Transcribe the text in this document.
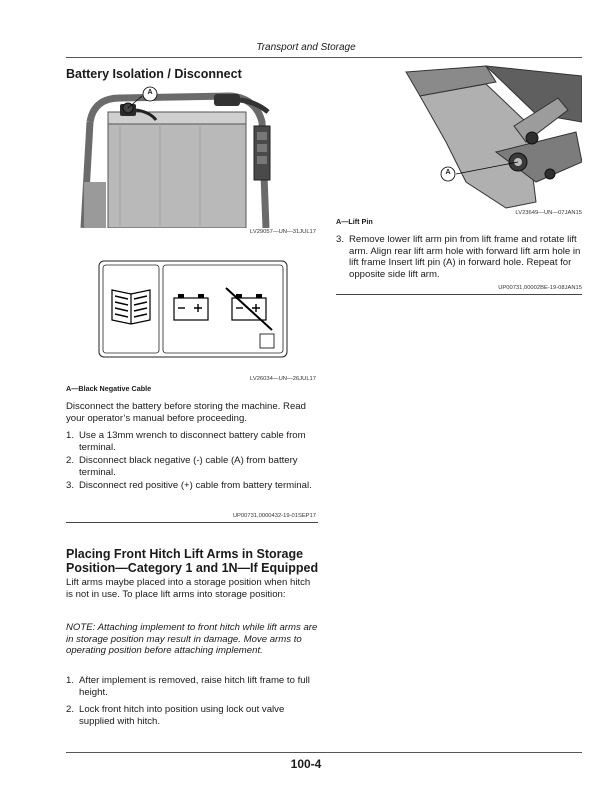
Transport and Storage
Battery Isolation / Disconnect
A
LV29057—UN—31JUL17
LV26034—UN—26JUL17
A—Black Negative Cable
Disconnect the battery before storing the machine. Read your operator’s manual before proceeding.
1. Use a 13mm wrench to disconnect battery cable from terminal.
2. Disconnect black negative (-) cable (A) from battery terminal.
3. Disconnect red positive (+) cable from battery terminal.
UP00731,0000432-19-01SEP17
Placing Front Hitch Lift Arms in Storage
Position—Category 1 and 1N—If Equipped
Lift arms maybe placed into a storage position when hitch is not in use. To place lift arms into storage position:
NOTE: Attaching implement to front hitch while lift arms are in storage position may result in damage. Move arms to operating position before attaching implement.
1. After implement is removed, raise hitch lift frame to full height.
2. Lock front hitch into position using lock out valve supplied with hitch.
A
LV23649—UN—07JAN15
A—Lift Pin
3. Remove lower lift arm pin from lift frame and rotate lift arm. Align rear lift arm hole with forward lift arm hole in lift frame Insert lift pin (A) in forward hole. Repeat for opposite side lift arm.
UP00731,00002BE-19-08JAN15
100-4
